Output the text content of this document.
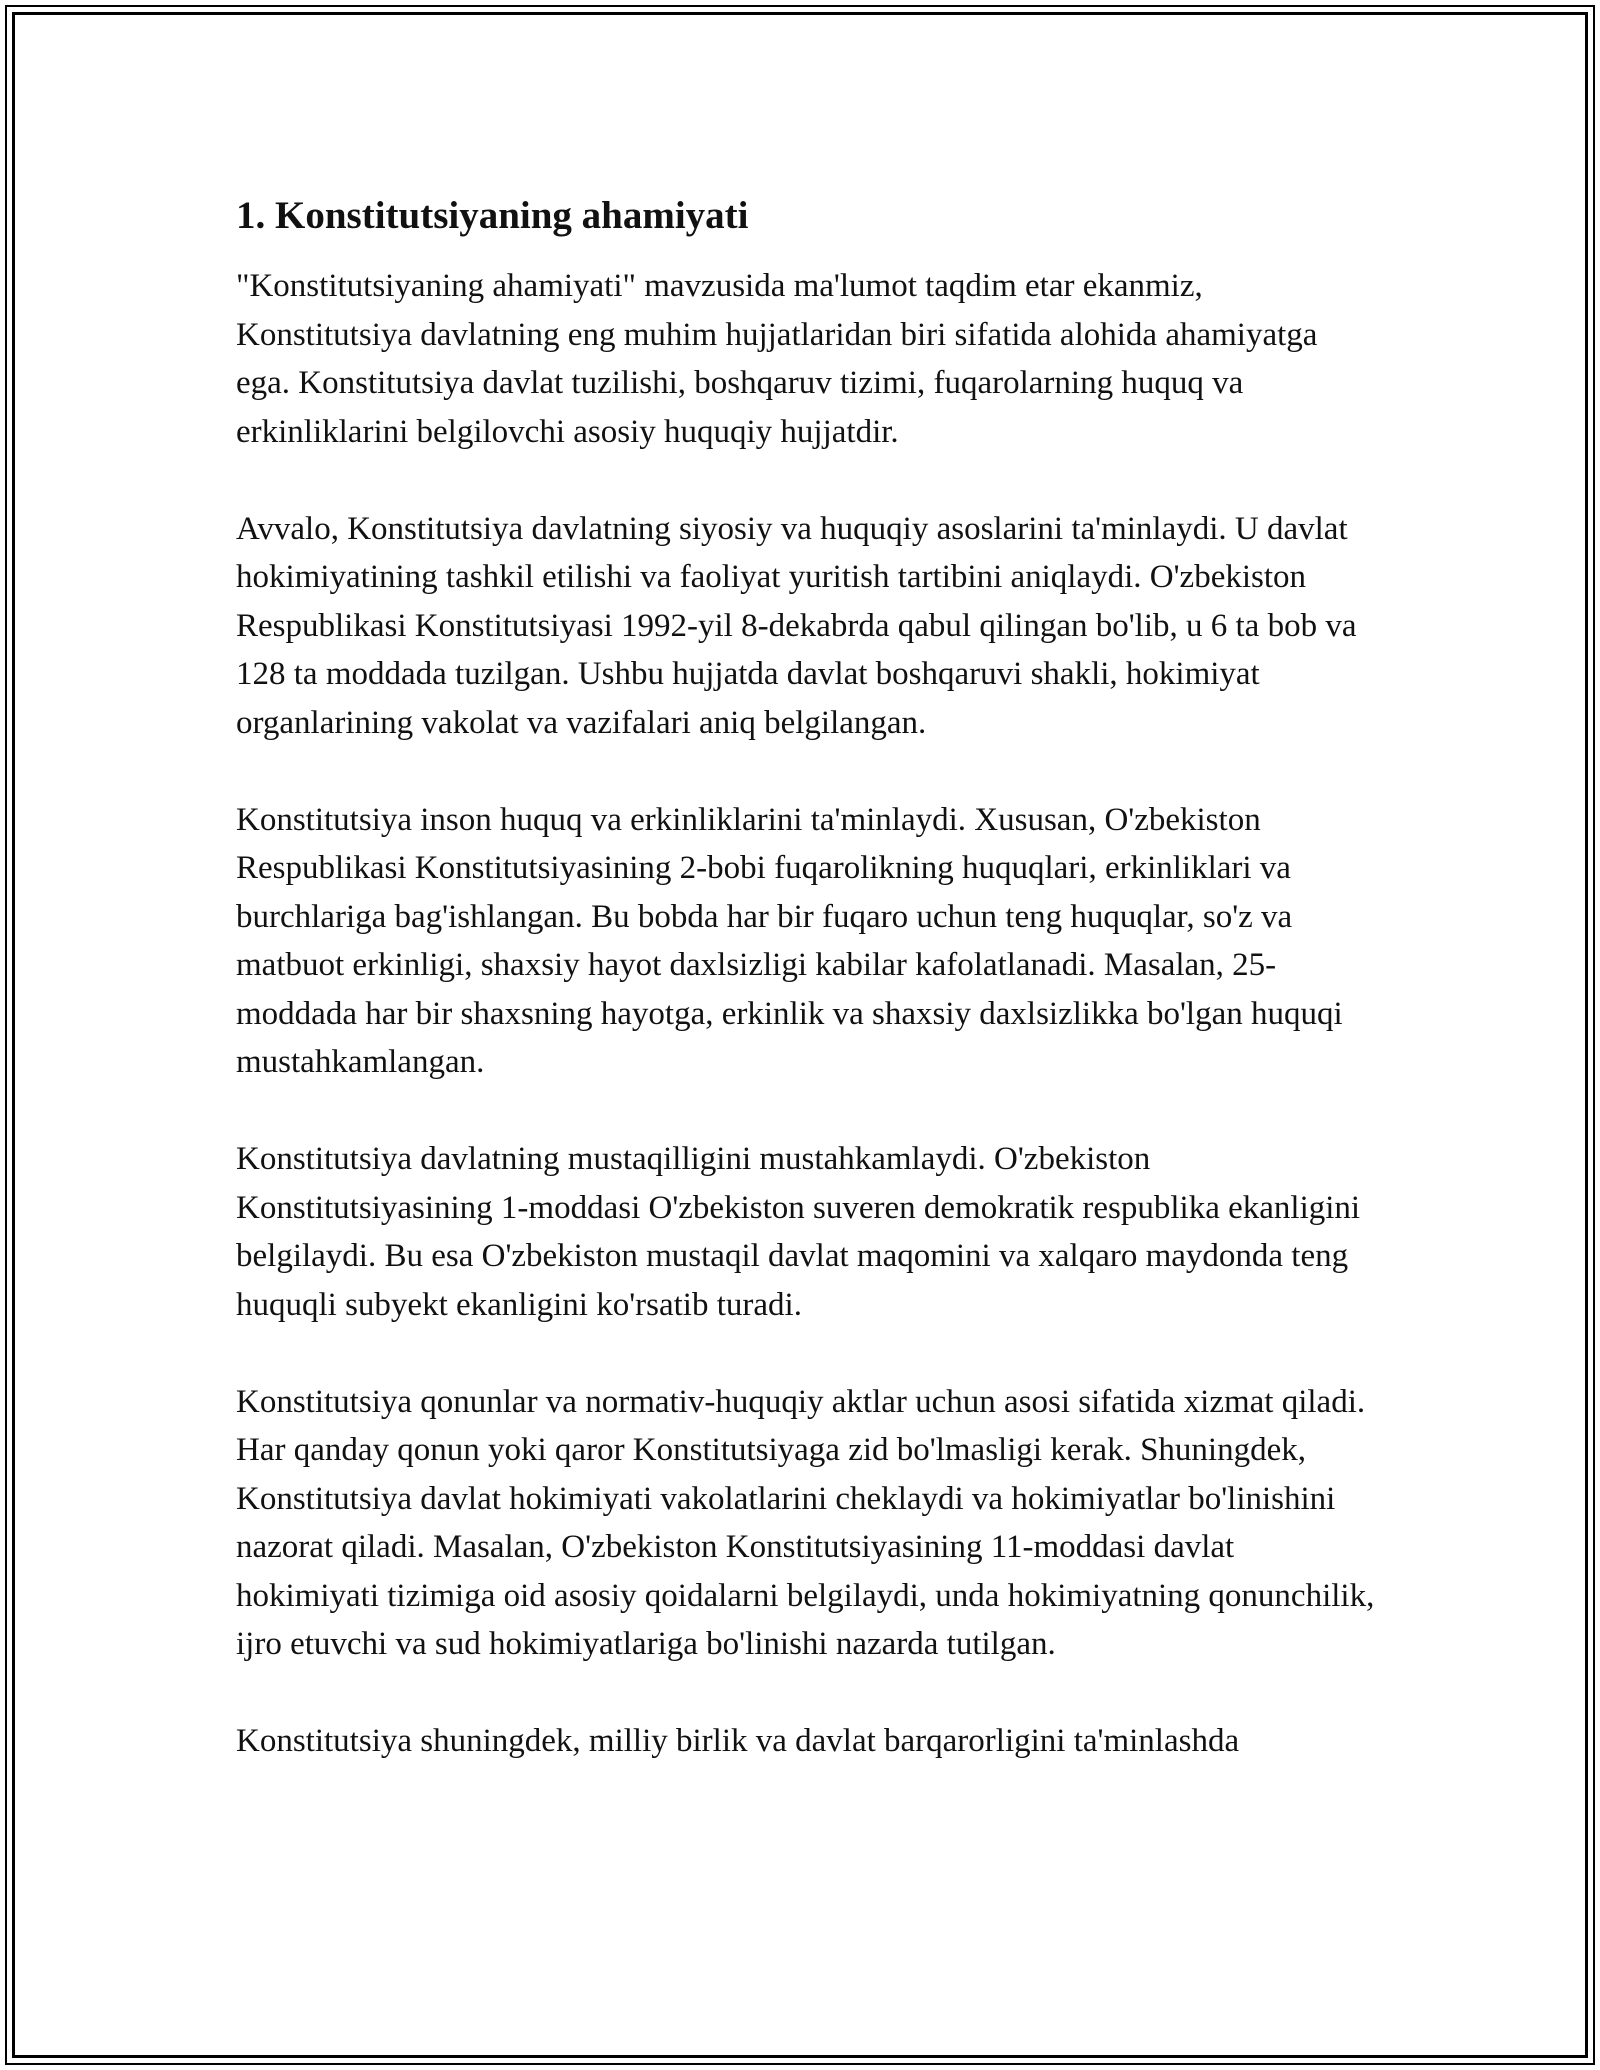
1. Konstitutsiyaning ahamiyati

"Konstitutsiyaning ahamiyati" mavzusida ma'lumot taqdim etar ekanmiz, Konstitutsiya davlatning eng muhim hujjatlaridan biri sifatida alohida ahamiyatga ega. Konstitutsiya davlat tuzilishi, boshqaruv tizimi, fuqarolarning huquq va erkinliklarini belgilovchi asosiy huquqiy hujjatdir.

Avvalo, Konstitutsiya davlatning siyosiy va huquqiy asoslarini ta'minlaydi. U davlat hokimiyatining tashkil etilishi va faoliyat yuritish tartibini aniqlaydi. O'zbekiston Respublikasi Konstitutsiyasi 1992-yil 8-dekabrda qabul qilingan bo'lib, u 6 ta bob va 128 ta moddada tuzilgan. Ushbu hujjatda davlat boshqaruvi shakli, hokimiyat organlarining vakolat va vazifalari aniq belgilangan.

Konstitutsiya inson huquq va erkinliklarini ta'minlaydi. Xususan, O'zbekiston Respublikasi Konstitutsiyasining 2-bobi fuqarolikning huquqlari, erkinliklari va burchlariga bag'ishlangan. Bu bobda har bir fuqaro uchun teng huquqlar, so'z va matbuot erkinligi, shaxsiy hayot daxlsizligi kabilar kafolatlanadi. Masalan, 25-moddada har bir shaxsning hayotga, erkinlik va shaxsiy daxlsizlikka bo'lgan huquqi mustahkamlangan.

Konstitutsiya davlatning mustaqilligini mustahkamlaydi. O'zbekiston Konstitutsiyasining 1-moddasi O'zbekiston suveren demokratik respublika ekanligini belgilaydi. Bu esa O'zbekiston mustaqil davlat maqomini va xalqaro maydonda teng huquqli subyekt ekanligini ko'rsatib turadi.

Konstitutsiya qonunlar va normativ-huquqiy aktlar uchun asosi sifatida xizmat qiladi. Har qanday qonun yoki qaror Konstitutsiyaga zid bo'lmasligi kerak. Shuningdek, Konstitutsiya davlat hokimiyati vakolatlarini cheklaydi va hokimiyatlar bo'linishini nazorat qiladi. Masalan, O'zbekiston Konstitutsiyasining 11-moddasi davlat hokimiyati tizimiga oid asosiy qoidalarni belgilaydi, unda hokimiyatning qonunchilik, ijro etuvchi va sud hokimiyatlariga bo'linishi nazarda tutilgan.

Konstitutsiya shuningdek, milliy birlik va davlat barqarorligini ta'minlashda
